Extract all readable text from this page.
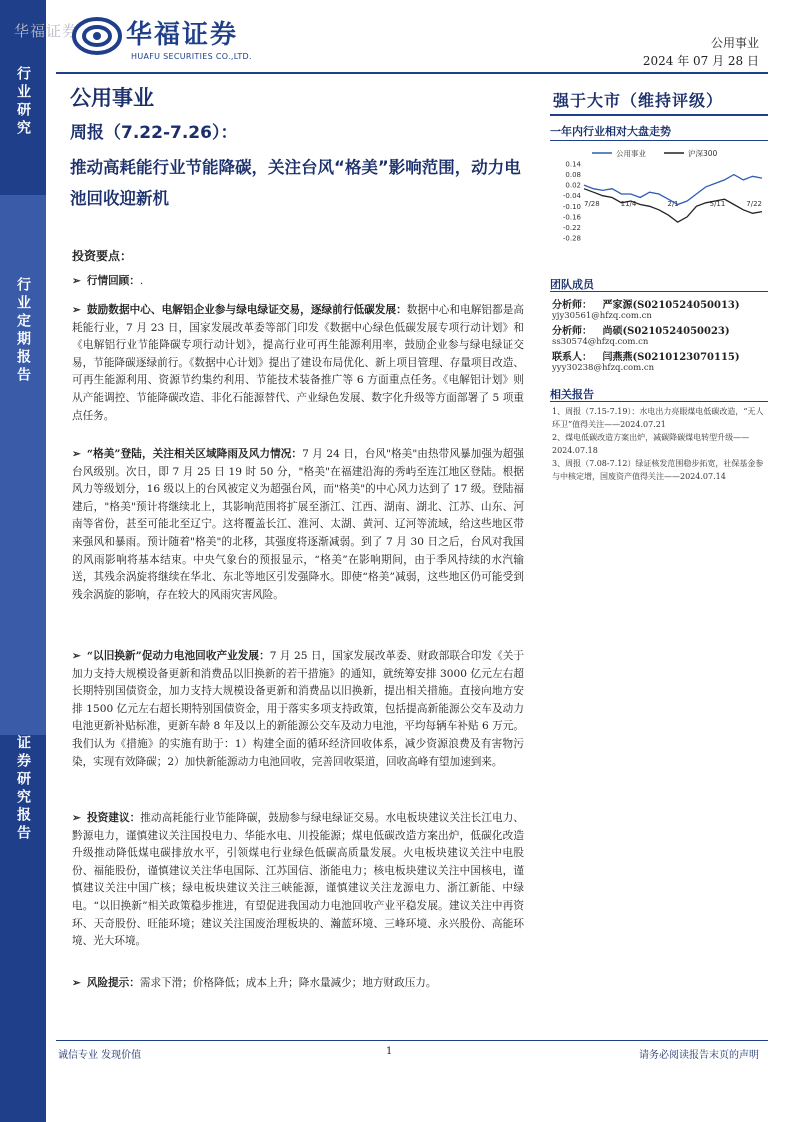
行业研究
行业定期报告
证券研究报告
华福证券 华福证券
HUAFU SECURITIES CO.,LTD.
公用事业
2024 年 07 月 28 日
公用事业
周报（7.22-7.26）：
推动高耗能行业节能降碳，关注台风“格美”影响范围，动力电池回收迎新机
投资要点：
➢ 行情回顾：.
➢ 鼓励数据中心、电解铝企业参与绿电绿证交易，逐绿前行低碳发展：数据中心和电解铝都是高耗能行业，7 月 23 日，国家发展改革委等部门印发《数据中心绿色低碳发展专项行动计划》和《电解铝行业节能降碳专项行动计划》，提高行业可再生能源利用率，鼓励企业参与绿电绿证交易，节能降碳逐绿前行。《数据中心计划》提出了建设布局优化、新上项目管理、存量项目改造、可再生能源利用、资源节约集约利用、节能技术装备推广等 6 方面重点任务。《电解铝计划》则从产能调控、节能降碳改造、非化石能源替代、产业绿色发展、数字化升级等方面部署了 5 项重点任务。
➢ “格美”登陆，关注相关区域降雨及风力情况：7 月 24 日，台风"格美"由热带风暴加强为超强台风级别。次日，即 7 月 25 日 19 时 50 分，"格美"在福建沿海的秀屿至连江地区登陆。根据风力等级划分，16 级以上的台风被定义为超强台风，而"格美"的中心风力达到了 17 级。登陆福建后，"格美"预计将继续北上，其影响范围将扩展至浙江、江西、湖南、湖北、江苏、山东、河南等省份，甚至可能北至辽宁。这将覆盖长江、淮河、太湖、黄河、辽河等流域，给这些地区带来强风和暴雨。预计随着"格美"的北移，其强度将逐渐减弱。到了 7 月 30 日之后，台风对我国的风雨影响将基本结束。中央气象台的预报显示，“格美”在影响期间，由于季风持续的水汽输送，其残余涡旋将继续在华北、东北等地区引发强降水。即使“格美”减弱，这些地区仍可能受到残余涡旋的影响，存在较大的风雨灾害风险。
➢ “以旧换新”促动力电池回收产业发展：7 月 25 日，国家发展改革委、财政部联合印发《关于加力支持大规模设备更新和消费品以旧换新的若干措施》的通知，就统筹安排 3000 亿元左右超长期特别国债资金，加力支持大规模设备更新和消费品以旧换新，提出相关措施。直接向地方安排 1500 亿元左右超长期特别国债资金，用于落实多项支持政策，包括提高新能源公交车及动力电池更新补贴标准，更新车龄 8 年及以上的新能源公交车及动力电池，平均每辆车补贴 6 万元。我们认为《措施》的实施有助于：1）构建全面的循环经济回收体系，减少资源浪费及有害物污染，实现有效降碳；2）加快新能源动力电池回收，完善回收渠道，回收高峰有望加速到来。
➢ 投资建议：推动高耗能行业节能降碳，鼓励参与绿电绿证交易。水电板块建议关注长江电力、黔源电力，谨慎建议关注国投电力、华能水电、川投能源；煤电低碳改造方案出炉，低碳化改造升级推动降低煤电碳排放水平，引领煤电行业绿色低碳高质量发展。火电板块建议关注中电股份、福能股份，谨慎建议关注华电国际、江苏国信、浙能电力；核电板块建议关注中国核电，谨慎建议关注中国广核；绿电板块建议关注三峡能源，谨慎建议关注龙源电力、浙江新能、中绿电。“以旧换新”相关政策稳步推进，有望促进我国动力电池回收产业平稳发展。建议关注中再资环、天奇股份、旺能环境；建议关注国废治理板块的、瀚蓝环境、三峰环境、永兴股份、高能环境、光大环境。
➢ 风险提示：需求下滑；价格降低；成本上升；降水量减少；地方财政压力。
强于大市（维持评级）
一年内行业相对大盘走势
0.14
0.08
0.02
-0.04
-0.10
-0.16
-0.22
-0.28
7/28	11/4	2/1	5/11	7/22
公用事业	沪深300
团队成员
分析师： 严家源(S0210524050013)
yjy30561@hfzq.com.cn
分析师： 尚硕(S0210524050023)
ss30574@hfzq.com.cn
联系人： 闫燕燕(S0210123070115)
yyy30238@hfzq.com.cn
相关报告
1、周报（7.15-7.19）：水电出力亮眼煤电低碳改造，“无人环卫”值得关注——2024.07.21
2、煤电低碳改造方案出炉，减碳降碳煤电转型升级——2024.07.18
3、周报（7.08-7.12）绿证核发范围稳步拓宽，社保基金参与中核定增，国废资产值得关注——2024.07.14
诚信专业 发现价值	1	请务必阅读报告末页的声明
